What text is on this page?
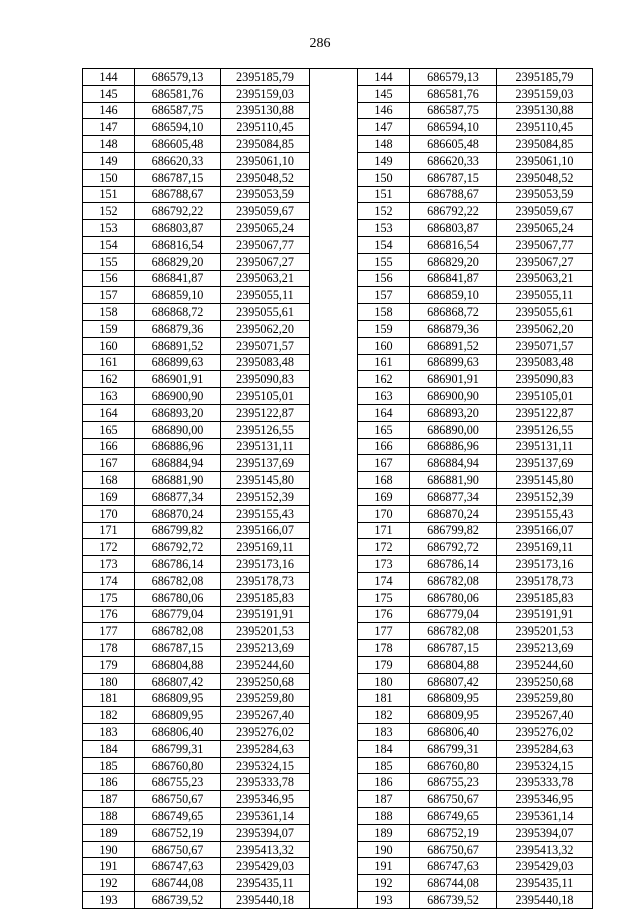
286
144	686579,13	2395185,79		144	686579,13	2395185,79
145	686581,76	2395159,03		145	686581,76	2395159,03
146	686587,75	2395130,88		146	686587,75	2395130,88
147	686594,10	2395110,45		147	686594,10	2395110,45
148	686605,48	2395084,85		148	686605,48	2395084,85
149	686620,33	2395061,10		149	686620,33	2395061,10
150	686787,15	2395048,52		150	686787,15	2395048,52
151	686788,67	2395053,59		151	686788,67	2395053,59
152	686792,22	2395059,67		152	686792,22	2395059,67
153	686803,87	2395065,24		153	686803,87	2395065,24
154	686816,54	2395067,77		154	686816,54	2395067,77
155	686829,20	2395067,27		155	686829,20	2395067,27
156	686841,87	2395063,21		156	686841,87	2395063,21
157	686859,10	2395055,11		157	686859,10	2395055,11
158	686868,72	2395055,61		158	686868,72	2395055,61
159	686879,36	2395062,20		159	686879,36	2395062,20
160	686891,52	2395071,57		160	686891,52	2395071,57
161	686899,63	2395083,48		161	686899,63	2395083,48
162	686901,91	2395090,83		162	686901,91	2395090,83
163	686900,90	2395105,01		163	686900,90	2395105,01
164	686893,20	2395122,87		164	686893,20	2395122,87
165	686890,00	2395126,55		165	686890,00	2395126,55
166	686886,96	2395131,11		166	686886,96	2395131,11
167	686884,94	2395137,69		167	686884,94	2395137,69
168	686881,90	2395145,80		168	686881,90	2395145,80
169	686877,34	2395152,39		169	686877,34	2395152,39
170	686870,24	2395155,43		170	686870,24	2395155,43
171	686799,82	2395166,07		171	686799,82	2395166,07
172	686792,72	2395169,11		172	686792,72	2395169,11
173	686786,14	2395173,16		173	686786,14	2395173,16
174	686782,08	2395178,73		174	686782,08	2395178,73
175	686780,06	2395185,83		175	686780,06	2395185,83
176	686779,04	2395191,91		176	686779,04	2395191,91
177	686782,08	2395201,53		177	686782,08	2395201,53
178	686787,15	2395213,69		178	686787,15	2395213,69
179	686804,88	2395244,60		179	686804,88	2395244,60
180	686807,42	2395250,68		180	686807,42	2395250,68
181	686809,95	2395259,80		181	686809,95	2395259,80
182	686809,95	2395267,40		182	686809,95	2395267,40
183	686806,40	2395276,02		183	686806,40	2395276,02
184	686799,31	2395284,63		184	686799,31	2395284,63
185	686760,80	2395324,15		185	686760,80	2395324,15
186	686755,23	2395333,78		186	686755,23	2395333,78
187	686750,67	2395346,95		187	686750,67	2395346,95
188	686749,65	2395361,14		188	686749,65	2395361,14
189	686752,19	2395394,07		189	686752,19	2395394,07
190	686750,67	2395413,32		190	686750,67	2395413,32
191	686747,63	2395429,03		191	686747,63	2395429,03
192	686744,08	2395435,11		192	686744,08	2395435,11
193	686739,52	2395440,18		193	686739,52	2395440,18
